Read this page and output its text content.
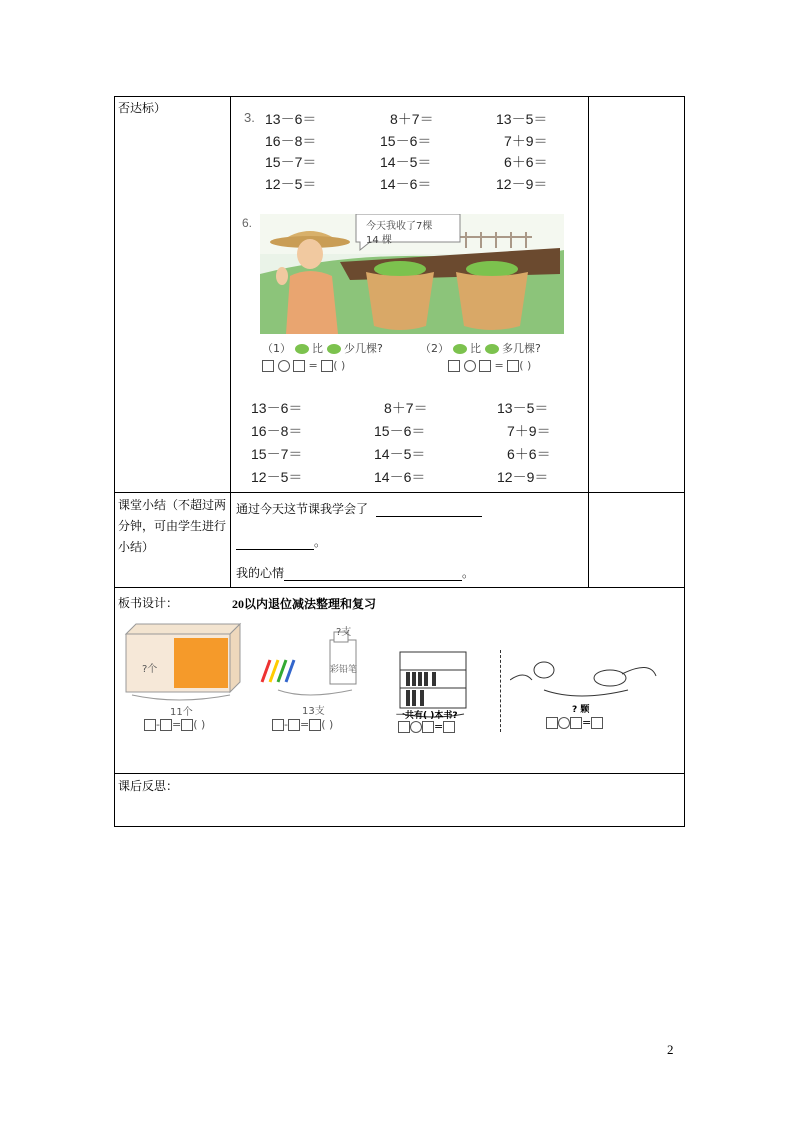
否达标）
3. 13－6＝	8＋7＝	13－5＝
16－8＝	15－6＝	7＋9＝
15－7＝	14－5＝	6＋6＝
12－5＝	14－6＝	12－9＝
6.	今天我收了7棵
14 棵
（1） 比 少几棵?	（2） 比 多几棵?
= ( )	= ( )
13－6＝	8＋7＝	13－5＝
16－8＝	15－6＝	7＋9＝
15－7＝	14－5＝	6＋6＝
12－5＝	14－6＝	12－9＝
课堂小结（不超过两分钟，可由学生进行小结）
通过今天这节课我学会了
。
我的心情	。
板书设计：	20以内退位减法整理和复习
?个
11个
- = ( )
?支
彩铅笔
13支
- = ( )
一共有( )本书?
=
? 颗
=
课后反思：
2
